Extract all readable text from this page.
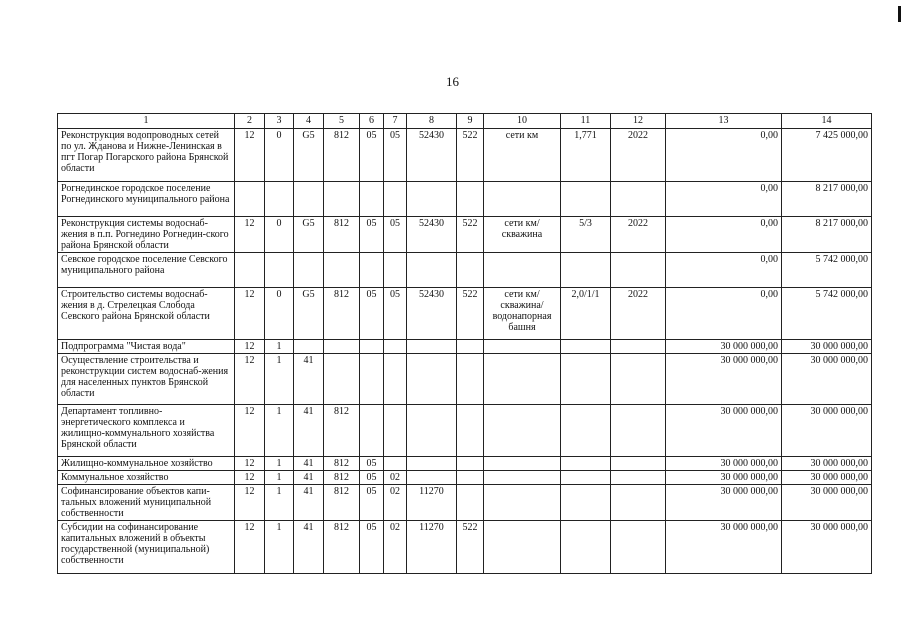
16
1	2	3	4	5	6	7	8	9	10	11	12	13	14
Реконструкция водопроводных сетей по ул. Жданова и Нижне-Ленинская в пгт Погар Погарского района Брянской области	12	0	G5	812	05	05	52430	522	сети км	1,771	2022	0,00	7 425 000,00
Рогнединское городское поселение Рогнединского муниципального района												0,00	8 217 000,00
Реконструкция системы водоснаб-жения в п.п. Рогнедино Рогнедин-ского района Брянской области	12	0	G5	812	05	05	52430	522	сети км/ скважина	5/3	2022	0,00	8 217 000,00
Севское городское поселение Севского муниципального района												0,00	5 742 000,00
Строительство системы водоснаб-жения в д. Стрелецкая Слобода Севского района Брянской области	12	0	G5	812	05	05	52430	522	сети км/ скважина/ водонапорная башня	2,0/1/1	2022	0,00	5 742 000,00
Подпрограмма "Чистая вода"	12	1										30 000 000,00	30 000 000,00
Осуществление строительства и реконструкции систем водоснаб-жения для населенных пунктов Брянской области	12	1	41									30 000 000,00	30 000 000,00
Департамент топливно-энергетического комплекса и жилищно-коммунального хозяйства Брянской области	12	1	41	812								30 000 000,00	30 000 000,00
Жилищно-коммунальное хозяйство	12	1	41	812	05							30 000 000,00	30 000 000,00
Коммунальное хозяйство	12	1	41	812	05	02						30 000 000,00	30 000 000,00
Софинансирование объектов капи-тальных вложений муниципальной собственности	12	1	41	812	05	02	11270					30 000 000,00	30 000 000,00
Субсидии на софинансирование капитальных вложений в объекты государственной (муниципальной) собственности	12	1	41	812	05	02	11270	522				30 000 000,00	30 000 000,00
